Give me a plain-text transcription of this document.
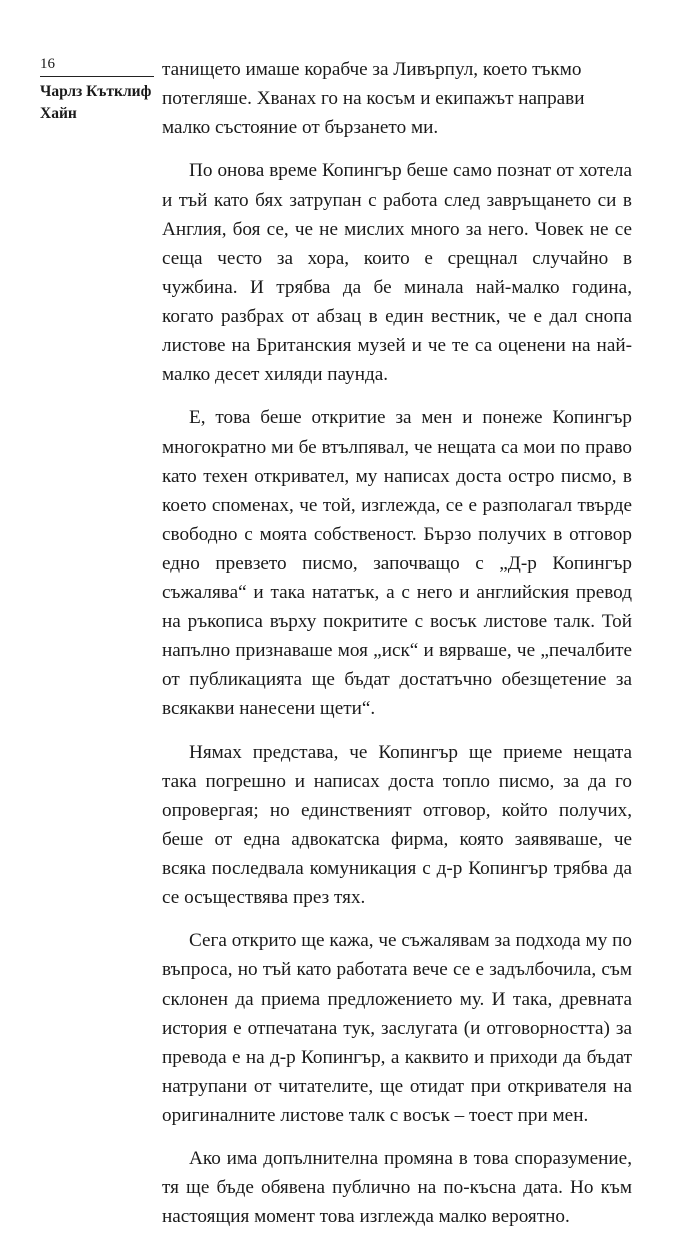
16
Чарлз Кътклиф Хайн

танището имаше корабче за Ливърпул, което тъкмо потегляше. Хванах го на косъм и екипажът направи малко състояние от бързането ми.

По онова време Копингър беше само познат от хотела и тъй като бях затрупан с работа след завръщането си в Англия, боя се, че не мислих много за него. Човек не се сеща често за хора, които е срещнал случайно в чужбина. И трябва да бе минала най-малко година, когато разбрах от абзац в един вестник, че е дал снопа листове на Британския музей и че те са оценени на най-малко десет хиляди паунда.

Е, това беше откритие за мен и понеже Копингър многократно ми бе втълпявал, че нещата са мои по право като техен откривател, му написах доста остро писмо, в което споменах, че той, изглежда, се е разполагал твърде свободно с моята собственост. Бързо получих в отговор едно превзето писмо, започващо с „Д-р Копингър съжалява“ и така нататък, а с него и английския превод на ръкописа върху покритите с восък листове талк. Той напълно признаваше моя „иск“ и вярваше, че „печалбите от публикацията ще бъдат достатъчно обезщетение за всякакви нанесени щети“.

Нямах представа, че Копингър ще приеме нещата така погрешно и написах доста топло писмо, за да го опровергая; но единственият отговор, който получих, беше от една адвокатска фирма, която заявяваше, че всяка последвала комуникация с д-р Копингър трябва да се осъществява през тях.

Сега открито ще кажа, че съжалявам за подхода му по въпроса, но тъй като работата вече се е задълбочила, съм склонен да приема предложението му. И така, древната история е отпечатана тук, заслугата (и отговорността) за превода е на д-р Копингър, а каквито и приходи да бъдат натрупани от читателите, ще отидат при откривателя на оригиналните листове талк с восък – тоест при мен.

Ако има допълнителна промяна в това споразумение, тя ще бъде обявена публично на по-късна дата. Но към настоящия момент това изглежда малко вероятно.
